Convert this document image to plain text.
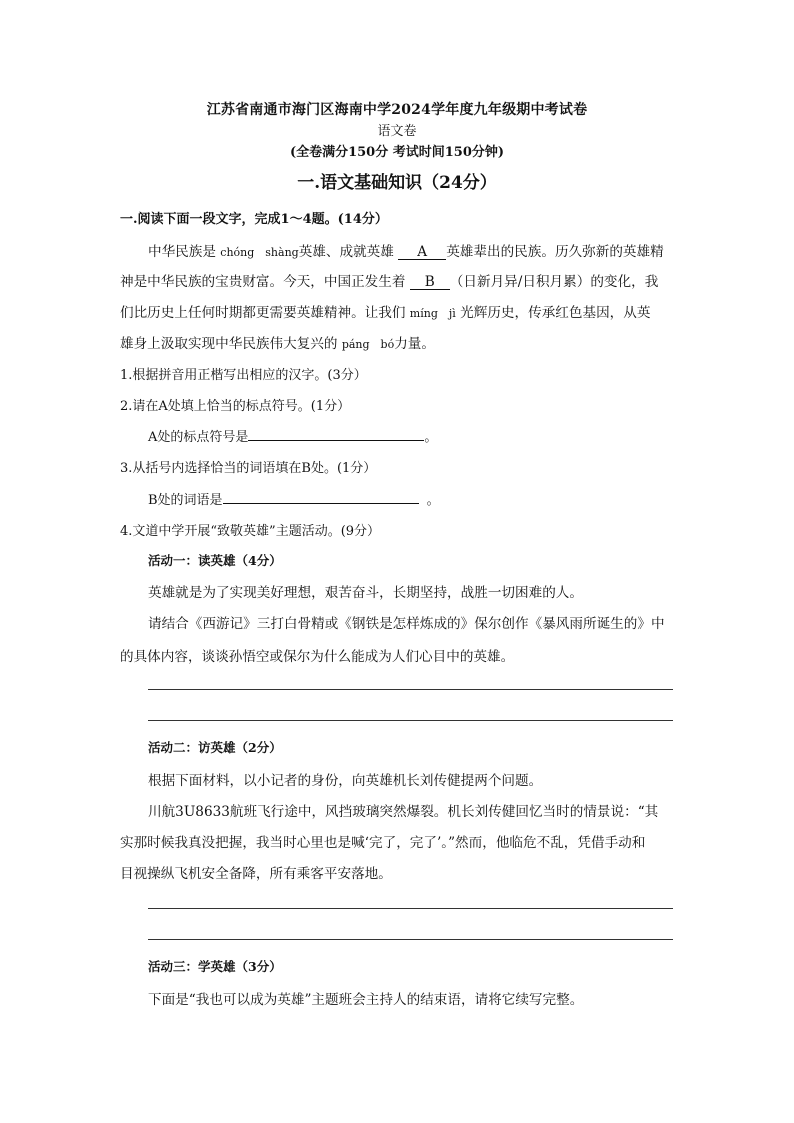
江苏省南通市海门区海南中学2024学年度九年级期中考试卷
语文卷
(全卷满分150分 考试时间150分钟)
一.语文基础知识（24分）
一.阅读下面一段文字，完成1～4题。(14分）
中华民族是 chóng　shàng英雄、成就英雄 A 英雄辈出的民族。历久弥新的英雄精
神是中华民族的宝贵财富。今天，中国正发生着 B （日新月异/日积月累）的变化，我
们比历史上任何时期都更需要英雄精神。让我们 míng　jì 光辉历史，传承红色基因，从英
雄身上汲取实现中华民族伟大复兴的 páng　bó力量。
1.根据拼音用正楷写出相应的汉字。(3分）
2.请在A处填上恰当的标点符号。(1分）
A处的标点符号是	。
3.从括号内选择恰当的词语填在B处。(1分）
B处的词语是	。
4.文道中学开展“致敬英雄”主题活动。(9分）
活动一：读英雄（4分）
英雄就是为了实现美好理想，艰苦奋斗，长期坚持，战胜一切困难的人。
请结合《西游记》三打白骨精或《钢铁是怎样炼成的》保尔创作《暴风雨所诞生的》中
的具体内容，谈谈孙悟空或保尔为什么能成为人们心目中的英雄。
活动二：访英雄（2分）
根据下面材料，以小记者的身份，向英雄机长刘传健提两个问题。
川航3U8633航班飞行途中，风挡玻璃突然爆裂。机长刘传健回忆当时的情景说：“其
实那时候我真没把握，我当时心里也是喊‘完了，完了’。”然而，他临危不乱，凭借手动和
目视操纵飞机安全备降，所有乘客平安落地。
活动三：学英雄（3分）
下面是“我也可以成为英雄”主题班会主持人的结束语，请将它续写完整。
